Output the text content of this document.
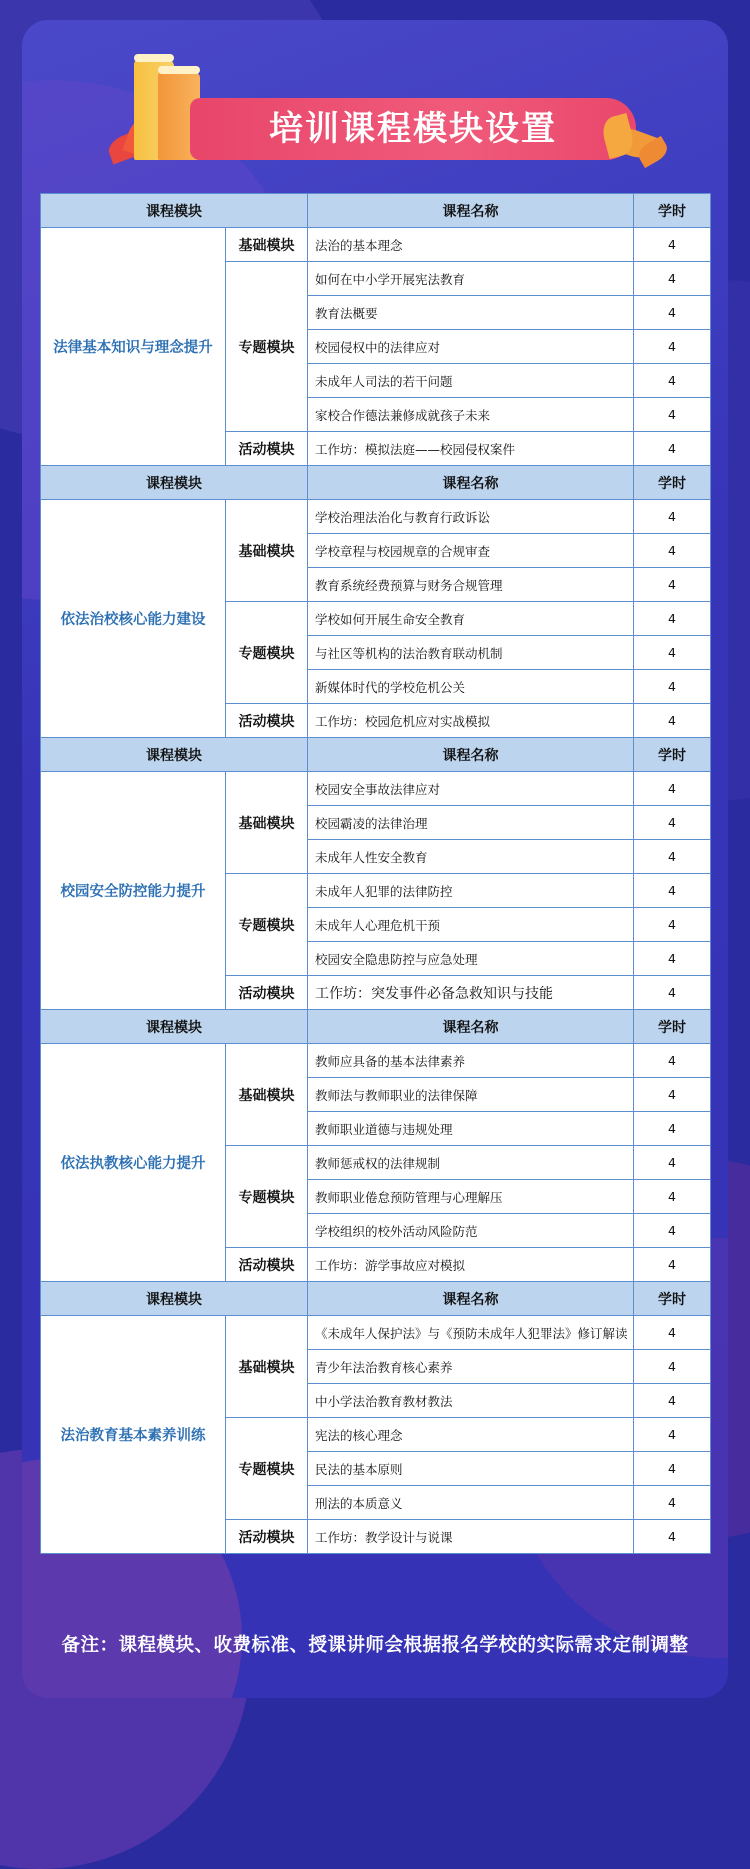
培训课程模块设置
课程模块		课程名称	学时
法律基本知识与理念提升	基础模块	法治的基本理念	4
	专题模块	如何在中小学开展宪法教育	4
		教育法概要	4
		校园侵权中的法律应对	4
		未成年人司法的若干问题	4
		家校合作德法兼修成就孩子未来	4
	活动模块	工作坊：模拟法庭——校园侵权案件	4
课程模块		课程名称	学时
依法治校核心能力建设	基础模块	学校治理法治化与教育行政诉讼	4
		学校章程与校园规章的合规审查	4
		教育系统经费预算与财务合规管理	4
	专题模块	学校如何开展生命安全教育	4
		与社区等机构的法治教育联动机制	4
		新媒体时代的学校危机公关	4
	活动模块	工作坊：校园危机应对实战模拟	4
课程模块		课程名称	学时
校园安全防控能力提升	基础模块	校园安全事故法律应对	4
		校园霸凌的法律治理	4
		未成年人性安全教育	4
	专题模块	未成年人犯罪的法律防控	4
		未成年人心理危机干预	4
		校园安全隐患防控与应急处理	4
	活动模块	工作坊：突发事件必备急救知识与技能	4
课程模块		课程名称	学时
依法执教核心能力提升	基础模块	教师应具备的基本法律素养	4
		教师法与教师职业的法律保障	4
		教师职业道德与违规处理	4
	专题模块	教师惩戒权的法律规制	4
		教师职业倦怠预防管理与心理解压	4
		学校组织的校外活动风险防范	4
	活动模块	工作坊：游学事故应对模拟	4
课程模块		课程名称	学时
法治教育基本素养训练	基础模块	《未成年人保护法》与《预防未成年人犯罪法》修订解读	4
		青少年法治教育核心素养	4
		中小学法治教育教材教法	4
	专题模块	宪法的核心理念	4
		民法的基本原则	4
		刑法的本质意义	4
	活动模块	工作坊：教学设计与说课	4
备注：课程模块、收费标准、授课讲师会根据报名学校的实际需求定制调整
